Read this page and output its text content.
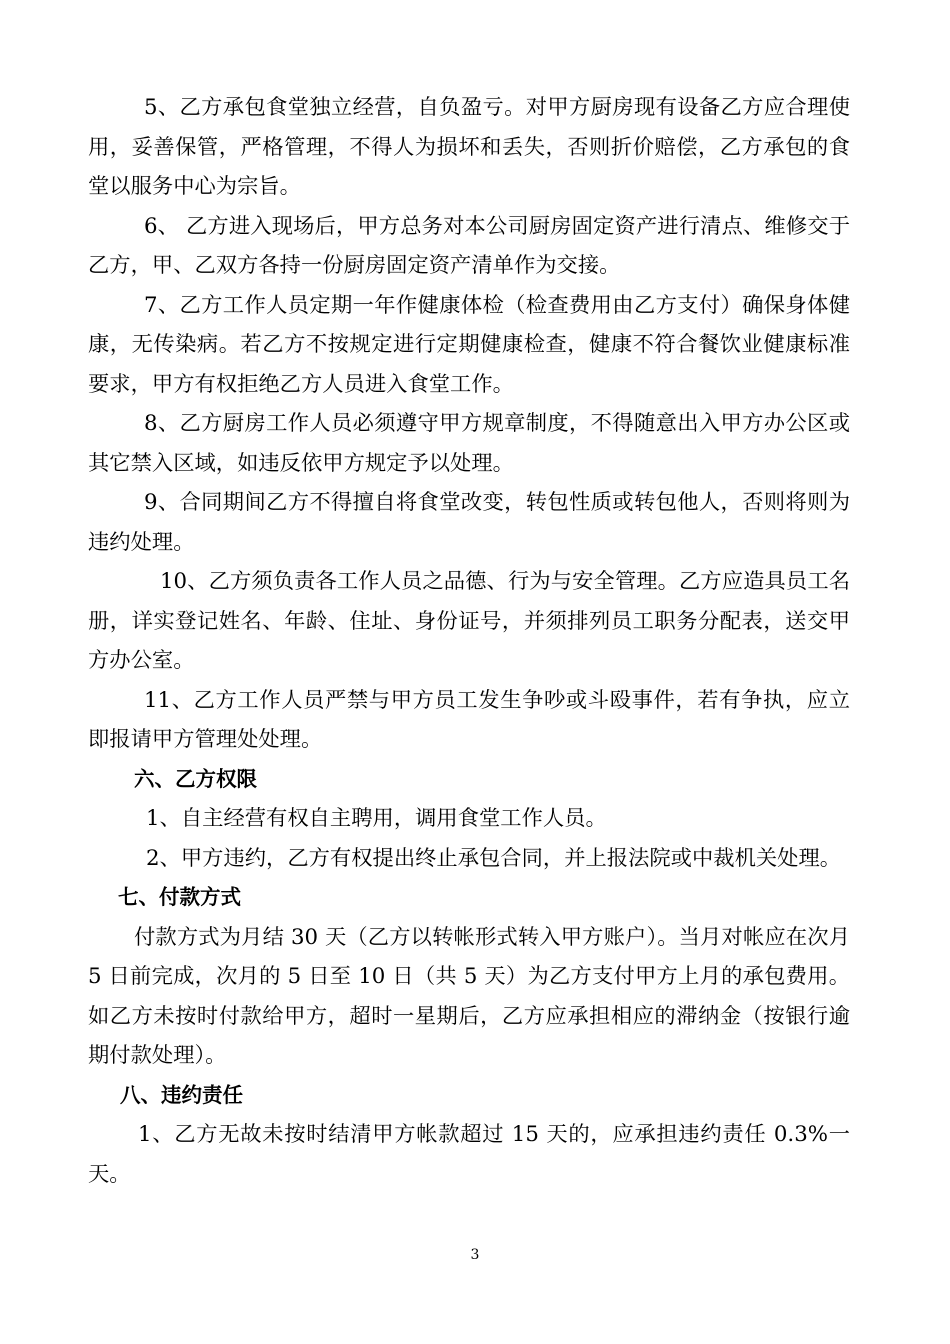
5、乙方承包食堂独立经营，自负盈亏。对甲方厨房现有设备乙方应合理使用，妥善保管，严格管理，不得人为损坏和丢失，否则折价赔偿，乙方承包的食堂以服务中心为宗旨。

6、 乙方进入现场后，甲方总务对本公司厨房固定资产进行清点、维修交于乙方，甲、乙双方各持一份厨房固定资产清单作为交接。

7、乙方工作人员定期一年作健康体检（检查费用由乙方支付）确保身体健康，无传染病。若乙方不按规定进行定期健康检查，健康不符合餐饮业健康标准要求，甲方有权拒绝乙方人员进入食堂工作。

8、乙方厨房工作人员必须遵守甲方规章制度，不得随意出入甲方办公区或其它禁入区域，如违反依甲方规定予以处理。

9、合同期间乙方不得擅自将食堂改变，转包性质或转包他人，否则将则为违约处理。

10、乙方须负责各工作人员之品德、行为与安全管理。乙方应造具员工名册，详实登记姓名、年龄、住址、身份证号，并须排列员工职务分配表，送交甲方办公室。

11、乙方工作人员严禁与甲方员工发生争吵或斗殴事件，若有争执，应立即报请甲方管理处处理。

六、乙方权限

1、自主经营有权自主聘用，调用食堂工作人员。

2、甲方违约，乙方有权提出终止承包合同，并上报法院或中裁机关处理。

七、付款方式

付款方式为月结 30 天（乙方以转帐形式转入甲方账户）。当月对帐应在次月 5 日前完成，次月的 5 日至 10 日（共 5 天）为乙方支付甲方上月的承包费用。如乙方未按时付款给甲方，超时一星期后，乙方应承担相应的滞纳金（按银行逾期付款处理）。

八、违约责任

1、乙方无故未按时结清甲方帐款超过 15 天的，应承担违约责任 0.3%一天。

3
